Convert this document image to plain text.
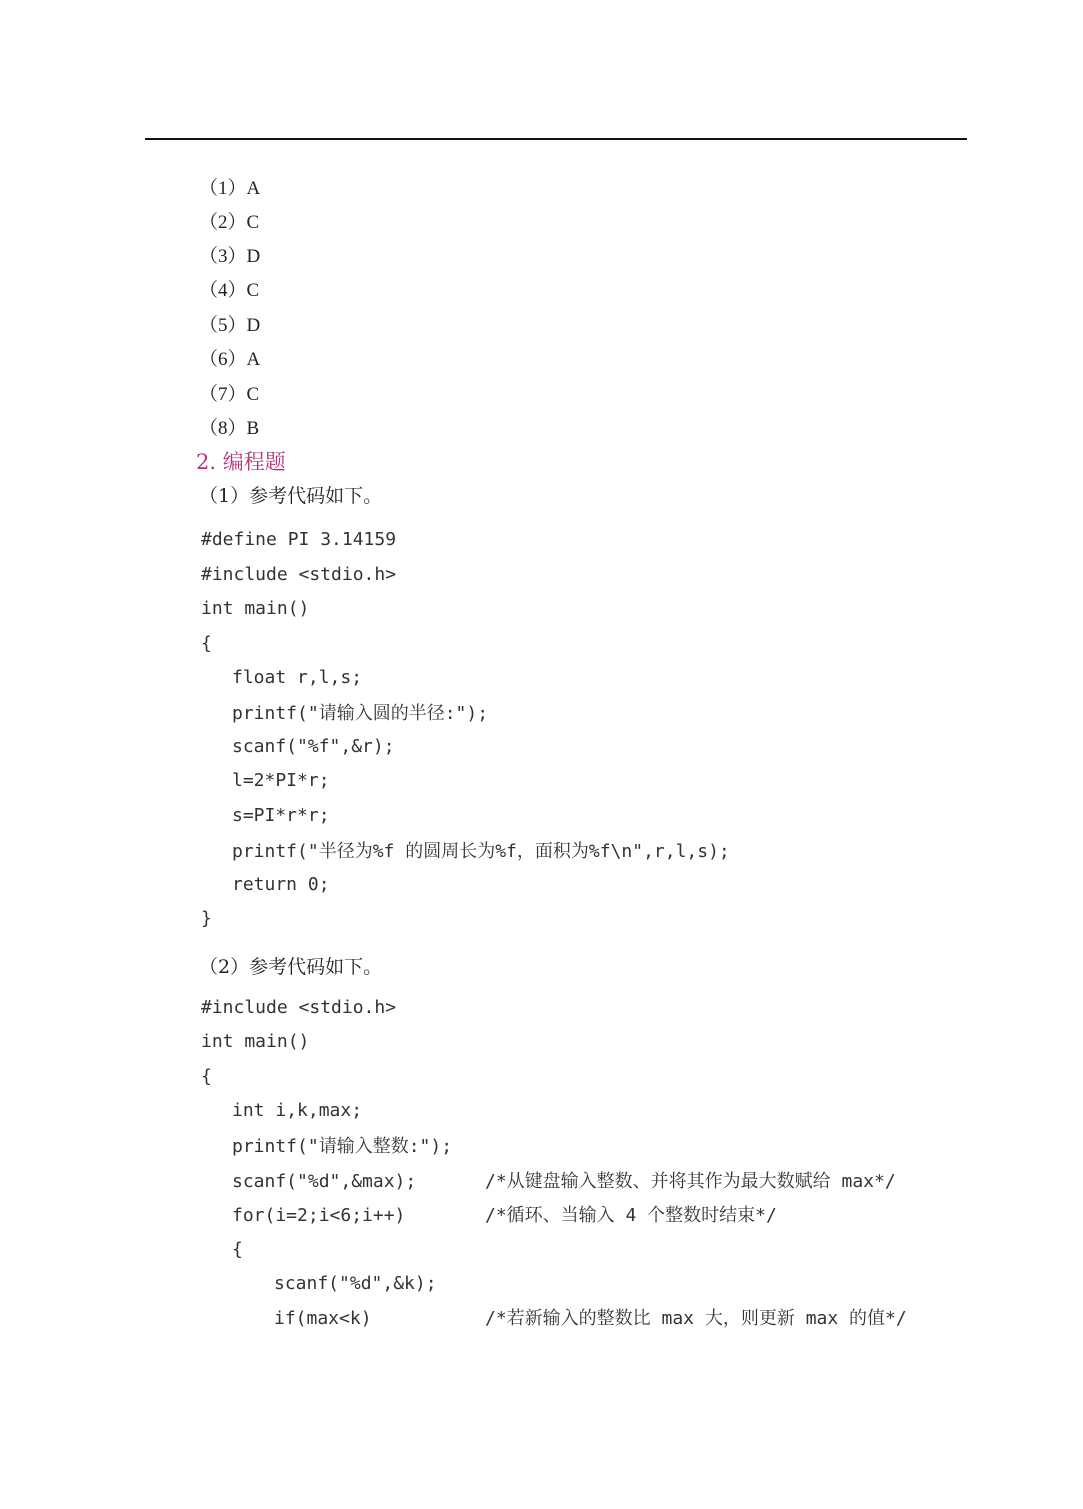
（1）A
（2）C
（3）D
（4）C
（5）D
（6）A
（7）C
（8）B
2. 编程题
（1）参考代码如下。
#define PI 3.14159
#include <stdio.h>
int main()
{
float r,l,s;
printf("请输入圆的半径:");
scanf("%f",&r);
l=2*PI*r;
s=PI*r*r;
printf("半径为%f 的圆周长为%f，面积为%f\n",r,l,s);
return 0;
}
（2）参考代码如下。
#include <stdio.h>
int main()
{
int i,k,max;
printf("请输入整数:");
scanf("%d",&max);
for(i=2;i<6;i++)
{
scanf("%d",&k);
if(max<k)
/*从键盘输入整数、并将其作为最大数赋给 max*/
/*循环、当输入 4 个整数时结束*/
/*若新输入的整数比 max 大，则更新 max 的值*/
